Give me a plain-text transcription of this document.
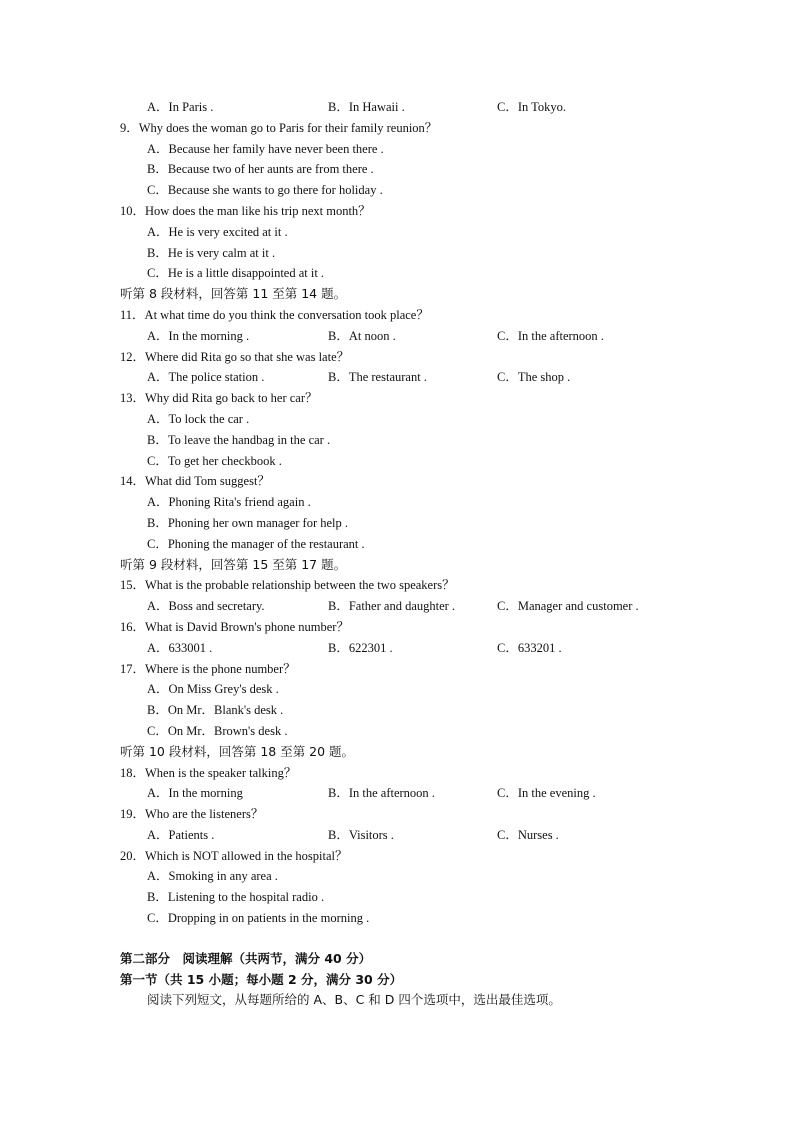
A．In Paris .	B．In Hawaii .	C．In Tokyo.
9．Why does the woman go to Paris for their family reunion？
A．Because her family have never been there .
B．Because two of her aunts are from there .
C．Because she wants to go there for holiday .
10．How does the man like his trip next month？
A．He is very excited at it .
B．He is very calm at it .
C．He is a little disappointed at it .
听第 8 段材料，回答第 11 至第 14 题。
11．At what time do you think the conversation took place？
A．In the morning .	B．At noon .	C．In the afternoon .
12．Where did Rita go so that she was late？
A．The police station .	B．The restaurant .	C．The shop .
13．Why did Rita go back to her car？
A．To lock the car .
B．To leave the handbag in the car .
C．To get her checkbook .
14．What did Tom suggest？
A．Phoning Rita's friend again .
B．Phoning her own manager for help .
C．Phoning the manager of the restaurant .
听第 9 段材料，回答第 15 至第 17 题。
15．What is the probable relationship between the two speakers？
A．Boss and secretary.	B．Father and daughter .	C．Manager and customer .
16．What is David Brown's phone number？
A．633001 .	B．622301 .	C．633201 .
17．Where is the phone number？
A．On Miss Grey's desk .
B．On Mr．Blank's desk .
C．On Mr．Brown's desk .
听第 10 段材料，回答第 18 至第 20 题。
18．When is the speaker talking？
A．In the morning	B．In the afternoon .	C．In the evening .
19．Who are the listeners？
A．Patients .	B．Visitors .	C．Nurses .
20．Which is NOT allowed in the hospital？
A．Smoking in any area .
B．Listening to the hospital radio .
C．Dropping in on patients in the morning .
第二部分　阅读理解（共两节，满分 40 分）
第一节（共 15 小题；每小题 2 分，满分 30 分）
阅读下列短文，从每题所给的 A、B、C 和 D 四个选项中，选出最佳选项。
